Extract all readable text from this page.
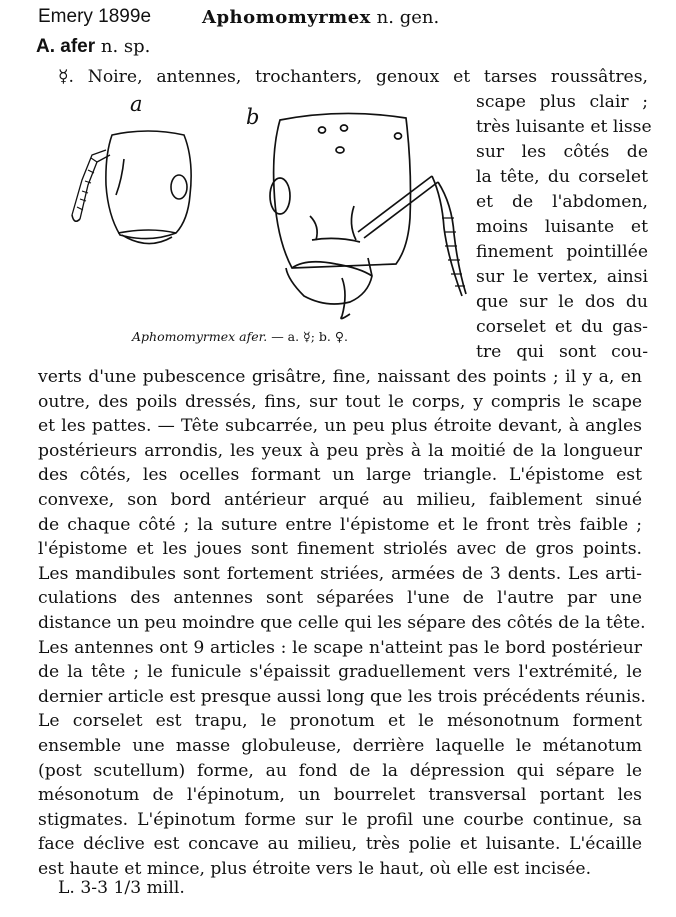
Emery 1899e	Aphomomyrmex n. gen.
A. afer n. sp.
a
b
Aphomomyrmex afer. — a. ☿; b. ♀.
☿. Noire, antennes, trochanters, genoux et tarses roussâtres,
scape plus clair ;
très luisante et lisse
sur les côtés de
la tête, du corselet
et de l'abdomen,
moins luisante et
finement pointillée
sur le vertex, ainsi
que sur le dos du
corselet et du gas-
tre qui sont cou-
verts d'une pubescence grisâtre, fine, naissant des points ; il y a, en
outre, des poils dressés, fins, sur tout le corps, y compris le scape
et les pattes. — Tête subcarrée, un peu plus étroite devant, à angles
postérieurs arrondis, les yeux à peu près à la moitié de la longueur
des côtés, les ocelles formant un large triangle. L'épistome est
convexe, son bord antérieur arqué au milieu, faiblement sinué
de chaque côté ; la suture entre l'épistome et le front très faible ;
l'épistome et les joues sont finement striolés avec de gros points.
Les mandibules sont fortement striées, armées de 3 dents. Les arti-
culations des antennes sont séparées l'une de l'autre par une
distance un peu moindre que celle qui les sépare des côtés de la tête.
Les antennes ont 9 articles : le scape n'atteint pas le bord postérieur
de la tête ; le funicule s'épaissit graduellement vers l'extrémité, le
dernier article est presque aussi long que les trois précédents réunis.
Le corselet est trapu, le pronotum et le mésonotnum forment
ensemble une masse globuleuse, derrière laquelle le métanotum
(post scutellum) forme, au fond de la dépression qui sépare le
mésonotum de l'épinotum, un bourrelet transversal portant les
stigmates. L'épinotum forme sur le profil une courbe continue, sa
face déclive est concave au milieu, très polie et luisante. L'écaille
est haute et mince, plus étroite vers le haut, où elle est incisée.
L. 3-3 1/3 mill.
